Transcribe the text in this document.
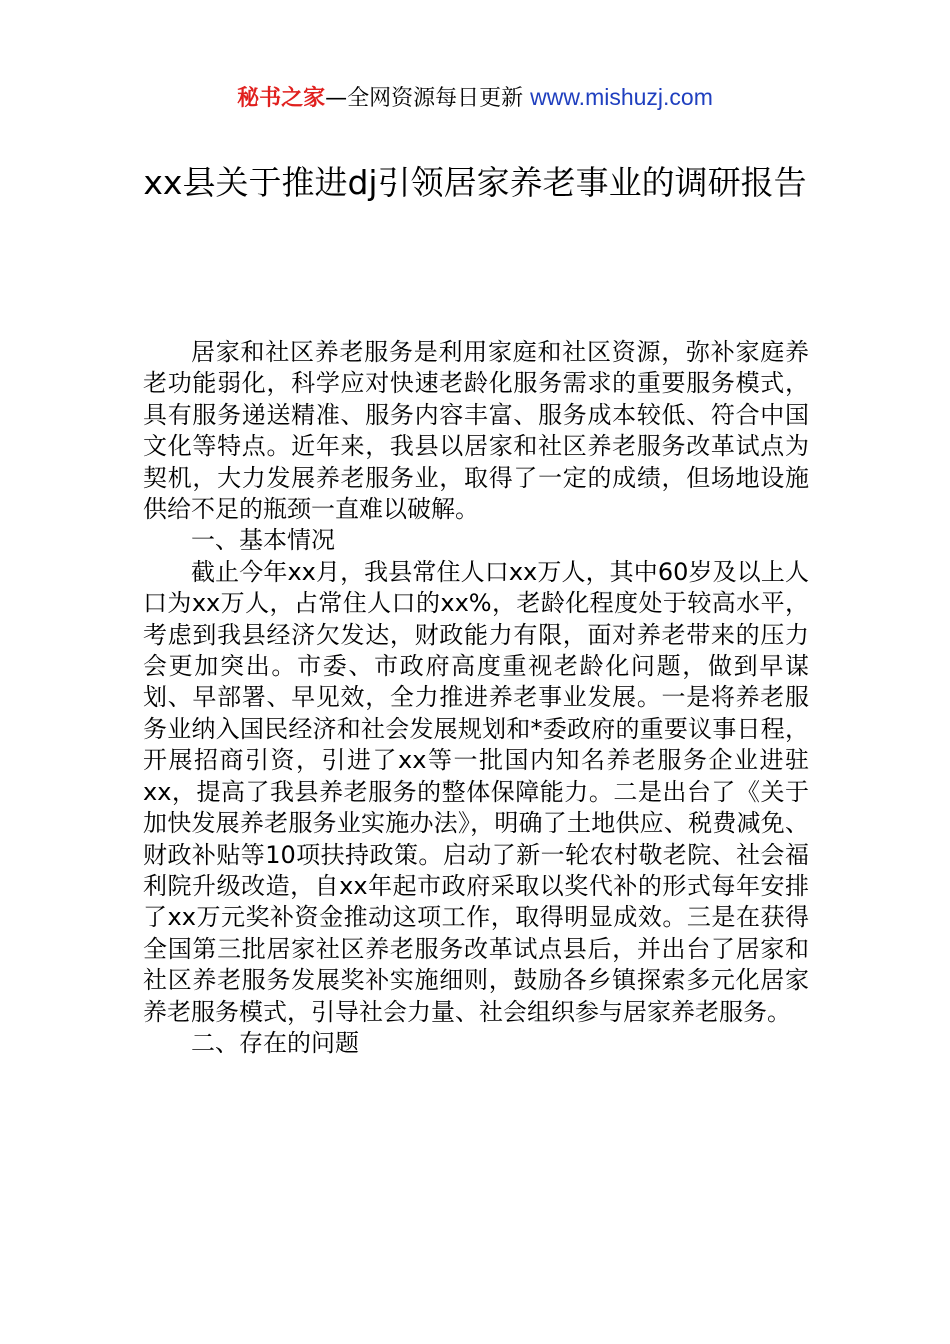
秘书之家—全网资源每日更新 www.mishuzj.com
xx县关于推进dj引领居家养老事业的调研报告

居家和社区养老服务是利用家庭和社区资源，弥补家庭养老功能弱化，科学应对快速老龄化服务需求的重要服务模式，具有服务递送精准、服务内容丰富、服务成本较低、符合中国文化等特点。近年来，我县以居家和社区养老服务改革试点为契机，大力发展养老服务业，取得了一定的成绩，但场地设施供给不足的瓶颈一直难以破解。

一、基本情况

截止今年xx月，我县常住人口xx万人，其中60岁及以上人口为xx万人，占常住人口的xx%，老龄化程度处于较高水平，考虑到我县经济欠发达，财政能力有限，面对养老带来的压力会更加突出。市委、市政府高度重视老龄化问题，做到早谋划、早部署、早见效，全力推进养老事业发展。一是将养老服务业纳入国民经济和社会发展规划和*委政府的重要议事日程，开展招商引资，引进了xx等一批国内知名养老服务企业进驻xx，提高了我县养老服务的整体保障能力。二是出台了《关于加快发展养老服务业实施办法》，明确了土地供应、税费减免、财政补贴等10项扶持政策。启动了新一轮农村敬老院、社会福利院升级改造，自xx年起市政府采取以奖代补的形式每年安排了xx万元奖补资金推动这项工作，取得明显成效。三是在获得全国第三批居家社区养老服务改革试点县后，并出台了居家和社区养老服务发展奖补实施细则，鼓励各乡镇探索多元化居家养老服务模式，引导社会力量、社会组织参与居家养老服务。

二、存在的问题
